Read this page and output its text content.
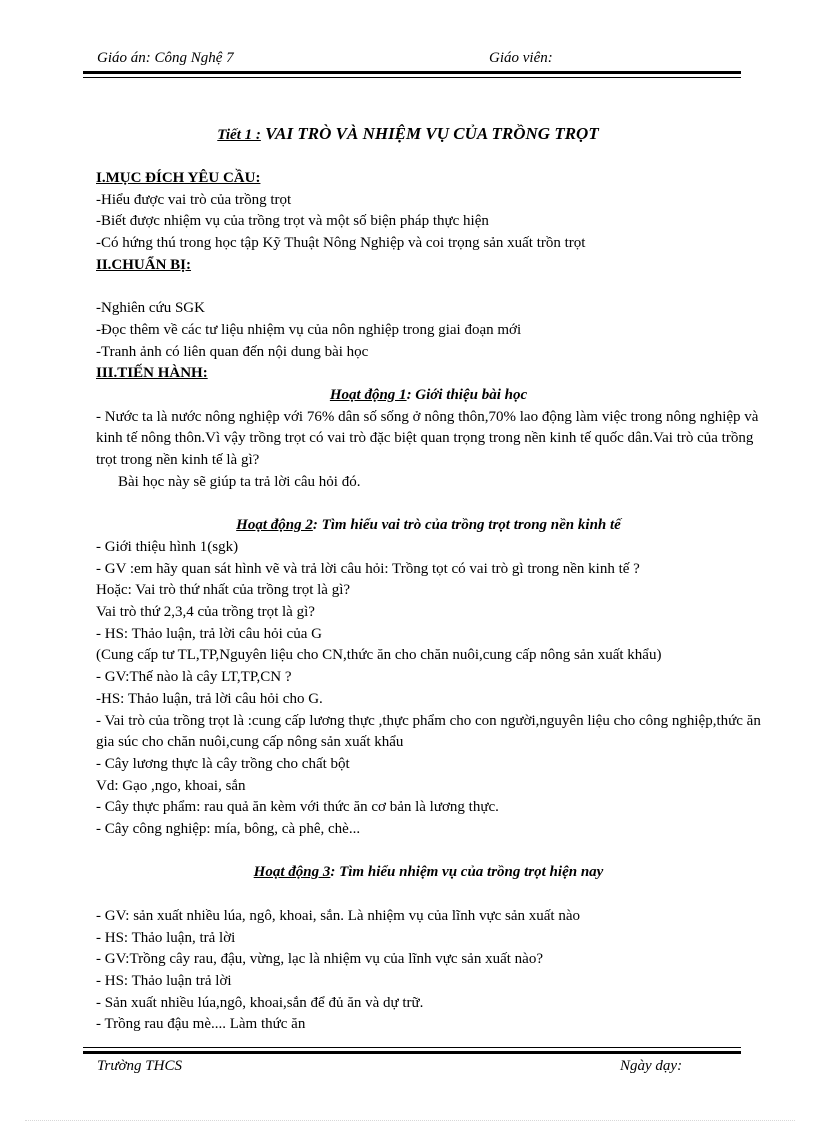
Giáo án: Công Nghệ 7	Giáo viên:
Tiết 1 : VAI TRÒ VÀ NHIỆM VỤ CỦA TRỒNG TRỌT

I.MỤC ĐÍCH YÊU CẦU:

-Hiểu được vai trò của trồng trọt

-Biết được nhiệm vụ của trồng trọt và một số biện pháp thực hiện

-Có hứng thú trong học tập Kỹ Thuật Nông Nghiệp và coi trọng sản xuất trồn trọt

II.CHUẨN BỊ:

-Nghiên cứu SGK

-Đọc thêm về các tư liệu nhiệm vụ của nôn nghiệp trong giai đoạn mới

-Tranh ảnh có liên quan đến nội dung bài học

III.TIẾN HÀNH:

Hoạt động 1: Giới thiệu bài học

- Nước ta là nước nông nghiệp với 76% dân số sống ở nông thôn,70% lao động làm việc trong nông nghiệp và kinh tế nông thôn.Vì vậy trồng trọt có vai trò đặc biệt quan trọng trong nền kinh tế quốc dân.Vai trò của trồng trọt trong nền kinh tế là gì?

Bài học này sẽ giúp ta trả lời câu hỏi đó.

Hoạt động 2: Tìm hiểu vai trò của trồng trọt trong nền kinh tế

- Giới thiệu hình 1(sgk)

- GV :em hãy quan sát hình vẽ và trả lời câu hỏi: Trồng tọt có vai trò gì trong nền kinh tế ?

Hoặc: Vai trò thứ nhất của trồng trọt là gì?

Vai trò thứ 2,3,4 của trồng trọt là gì?

- HS: Thảo luận, trả lời câu hỏi của G

(Cung cấp tư TL,TP,Nguyên liệu cho CN,thức ăn cho chăn nuôi,cung cấp nông sản xuất khẩu)

- GV:Thế nào là cây LT,TP,CN ?

-HS: Thảo luận, trả lời câu hỏi cho G.

- Vai trò của trồng trọt là :cung cấp lương thực ,thực phẩm cho con người,nguyên liệu cho công nghiệp,thức ăn gia súc cho chăn nuôi,cung cấp nông sản xuất khẩu

- Cây lương thực là cây trồng cho chất bột

Vd: Gạo ,ngo, khoai, sắn

- Cây thực phẩm: rau quả ăn kèm với thức ăn cơ bản là lương thực.

- Cây công nghiệp: mía, bông, cà phê, chè...

Hoạt động 3: Tìm hiểu nhiệm vụ của trồng trọt hiện nay

- GV: sản xuất nhiều lúa, ngô, khoai, sắn. Là nhiệm vụ của lĩnh vực sản xuất nào

- HS: Thảo luận, trả lời

- GV:Trồng cây rau, đậu, vừng, lạc là nhiệm vụ của lĩnh vực sản xuất nào?

- HS: Thảo luận trả lời

- Sản xuất nhiều lúa,ngô, khoai,sắn để đủ ăn và dự trữ.

- Trồng rau đậu mè.... Làm thức ăn

Trường THCS	Ngày dạy:
